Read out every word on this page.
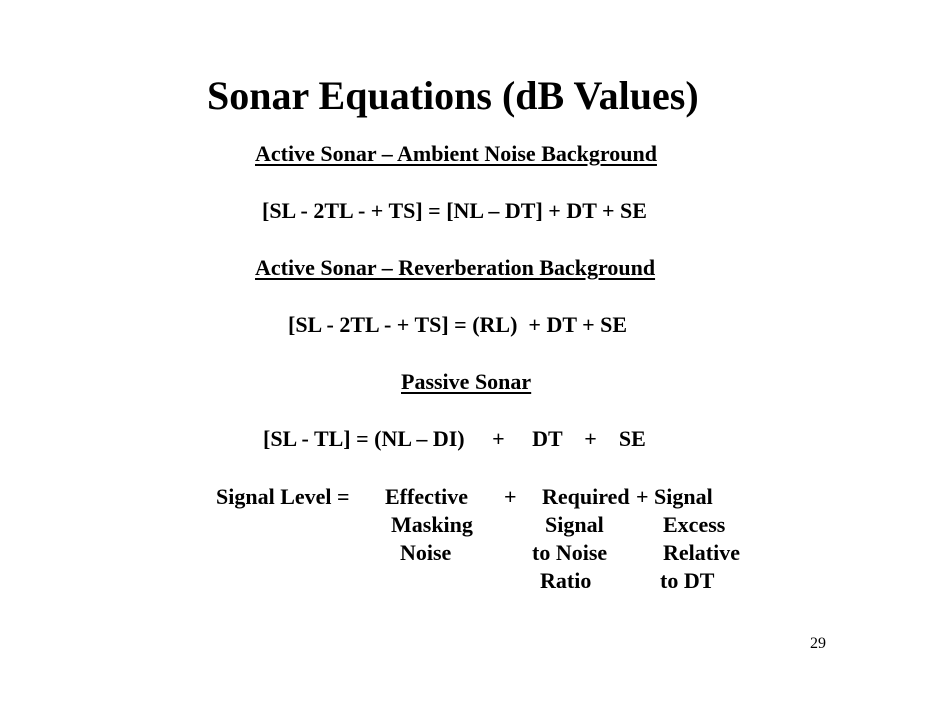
Sonar Equations (dB Values)
Active Sonar – Ambient Noise Background
[SL - 2TL - + TS] = [NL – DT] + DT + SE
Active Sonar – Reverberation Background
[SL - 2TL - + TS] = (RL)  + DT + SE
Passive Sonar
[SL - TL] = (NL – DI)     +     DT    +    SE
Signal Level = Effective
Masking
Noise
+ Required
Signal
to Noise
Ratio
+ Signal
Excess
Relative
to DT
29
